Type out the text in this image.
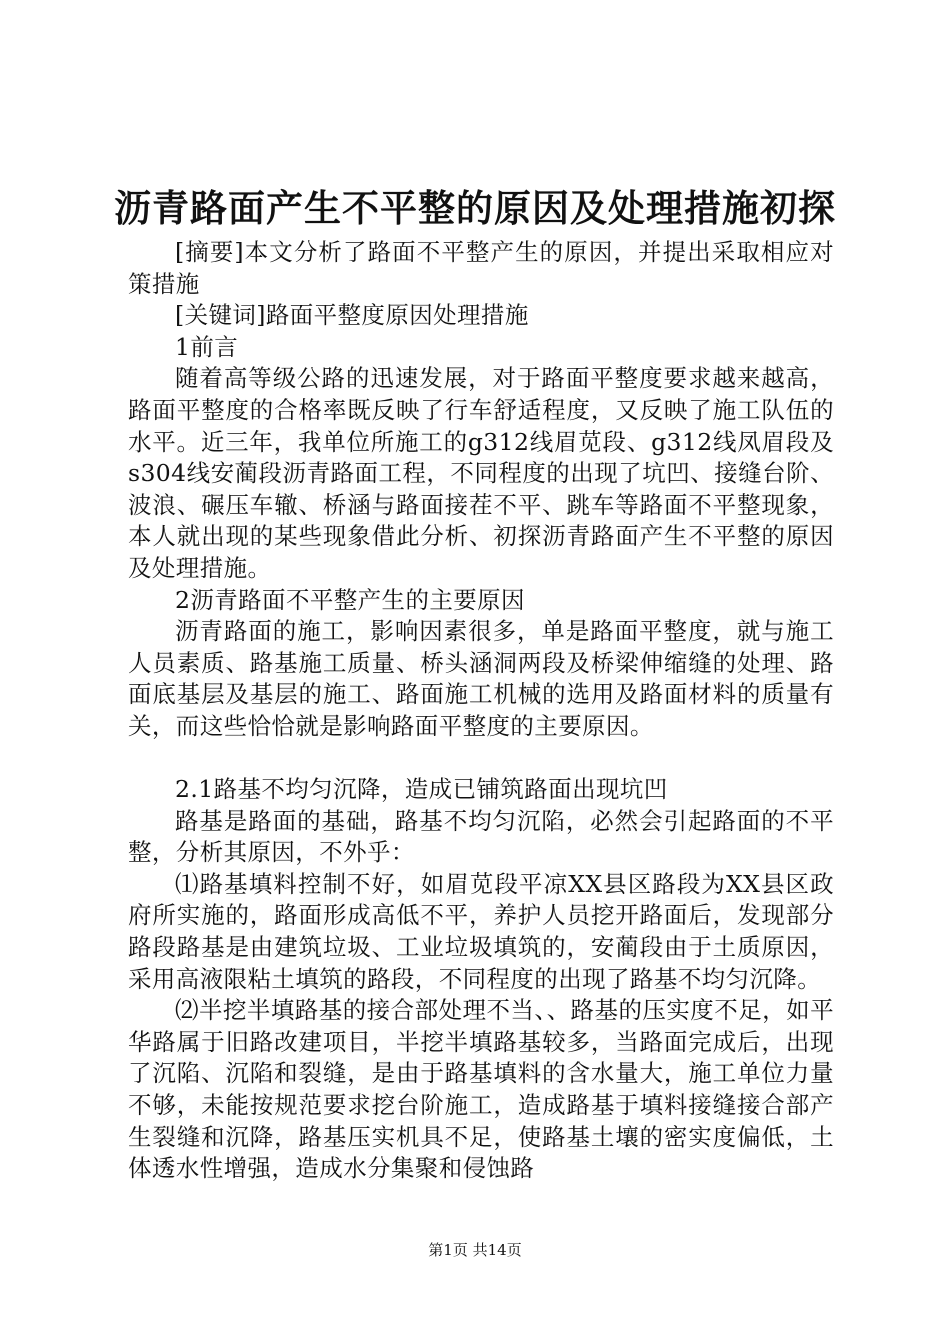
沥青路面产生不平整的原因及处理措施初探

[摘要]本文分析了路面不平整产生的原因，并提出采取相应对策措施

[关键词]路面平整度原因处理措施

1前言

随着高等级公路的迅速发展，对于路面平整度要求越来越高，路面平整度的合格率既反映了行车舒适程度，又反映了施工队伍的水平。近三年，我单位所施工的g312线眉苋段、g312线凤眉段及s304线安蔺段沥青路面工程，不同程度的出现了坑凹、接缝台阶、波浪、碾压车辙、桥涵与路面接茬不平、跳车等路面不平整现象，本人就出现的某些现象借此分析、初探沥青路面产生不平整的原因及处理措施。

2沥青路面不平整产生的主要原因

沥青路面的施工，影响因素很多，单是路面平整度，就与施工人员素质、路基施工质量、桥头涵洞两段及桥梁伸缩缝的处理、路面底基层及基层的施工、路面施工机械的选用及路面材料的质量有关，而这些恰恰就是影响路面平整度的主要原因。

2.1路基不均匀沉降，造成已铺筑路面出现坑凹

路基是路面的基础，路基不均匀沉陷，必然会引起路面的不平整，分析其原因，不外乎：

⑴路基填料控制不好，如眉苋段平凉XX县区路段为XX县区政府所实施的，路面形成高低不平，养护人员挖开路面后，发现部分路段路基是由建筑垃圾、工业垃圾填筑的，安蔺段由于土质原因，采用高液限粘土填筑的路段，不同程度的出现了路基不均匀沉降。

⑵半挖半填路基的接合部处理不当、、路基的压实度不足，如平华路属于旧路改建项目，半挖半填路基较多，当路面完成后，出现了沉陷、沉陷和裂缝，是由于路基填料的含水量大，施工单位力量不够，未能按规范要求挖台阶施工，造成路基于填料接缝接合部产生裂缝和沉降，路基压实机具不足，使路基土壤的密实度偏低，土体透水性增强，造成水分集聚和侵蚀路

第1页 共14页
